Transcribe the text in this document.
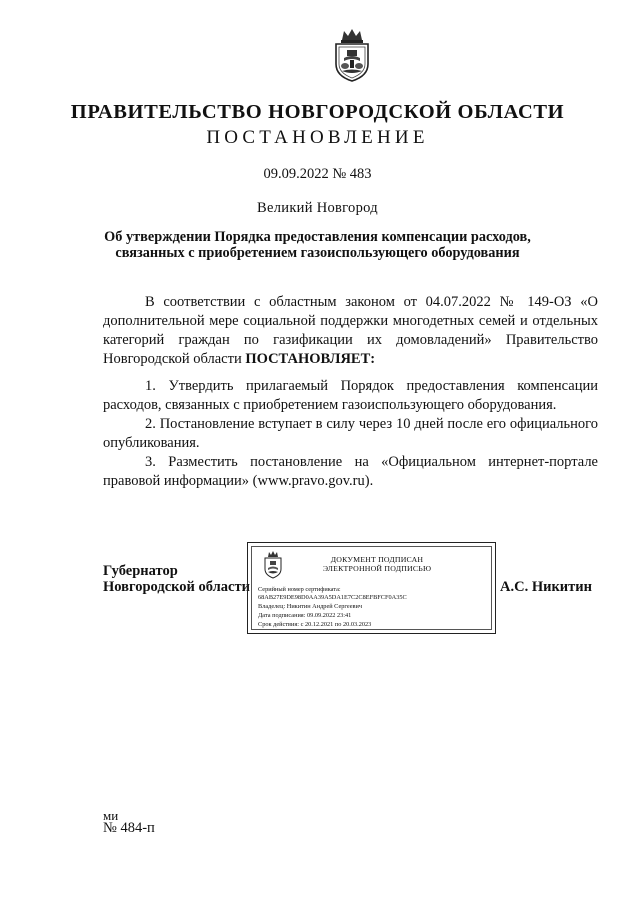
ПРАВИТЕЛЬСТВО НОВГОРОДСКОЙ ОБЛАСТИ
ПОСТАНОВЛЕНИЕ
09.09.2022 № 483
Великий Новгород
Об утверждении Порядка предоставления компенсации расходов,
связанных с приобретением газоиспользующего оборудования
В соответствии с областным законом от 04.07.2022 № 149-ОЗ «О дополнительной мере социальной поддержки многодетных семей и отдельных категорий граждан по газификации их домовладений» Правительство Новгородской области ПОСТАНОВЛЯЕТ:
1. Утвердить прилагаемый Порядок предоставления компенсации расходов, связанных с приобретением газоиспользующего оборудования.
2. Постановление вступает в силу через 10 дней после его официального опубликования.
3. Разместить постановление на «Официальном интернет-портале правовой информации» (www.pravo.gov.ru).
Губернатор
Новгородской области
ДОКУМЕНТ ПОДПИСАН
ЭЛЕКТРОННОЙ ПОДПИСЬЮ
Серийный номер сертификата:
68AB27E9DE98D0AA39A5DA1E7C2C8EFBFCF0A35C
Владелец: Никитин Андрей Сергеевич
Дата подписания: 09.09.2022 23:41
Срок действия: с 20.12.2021 по 20.03.2023
А.С. Никитин
ми
№ 484-п
